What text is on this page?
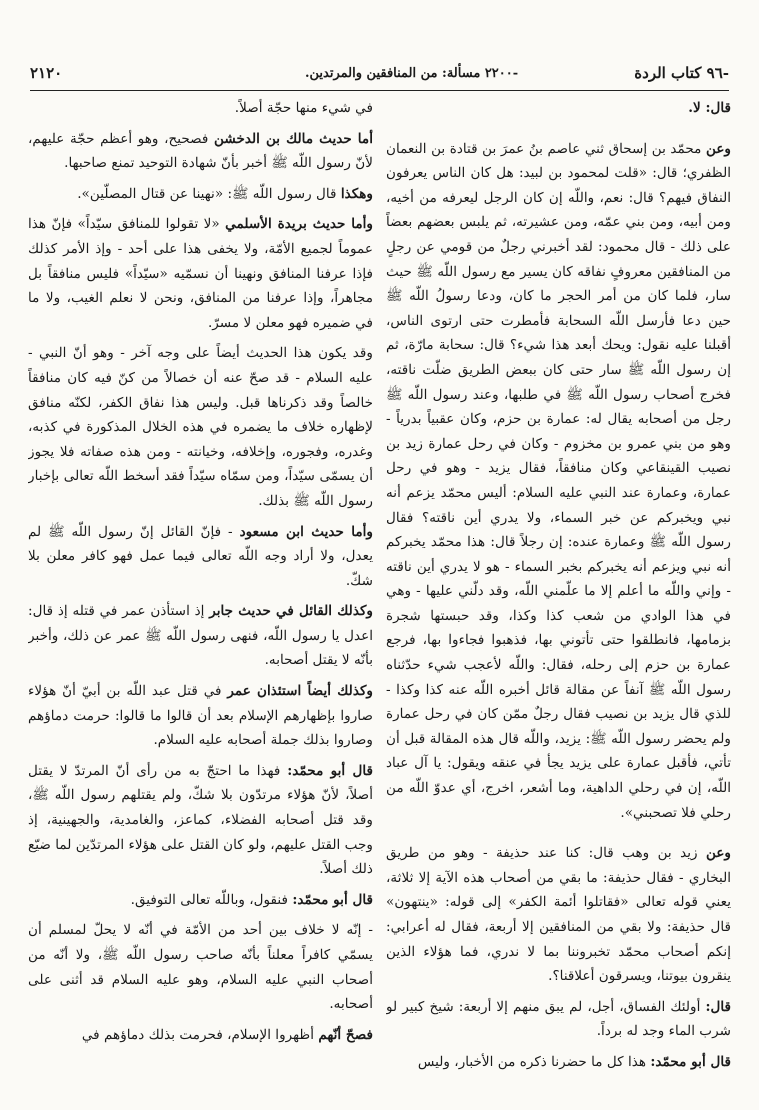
-٩٦ كتاب الردة
-٢٢٠٠ مسألة: من المنافقين والمرتدين.
٢١٢٠

قال: لا.

وعن محمّد بن إسحاق ثني عاصم بنُ عمرَ بن قتادة بن النعمان الظفري؛ قال: «قلت لمحمود بن لبيد: هل كان الناس يعرفون النفاق فيهم؟ قال: نعم، واللّه إن كان الرجل ليعرفه من أخيه، ومن أبيه، ومن بني عمّه، ومن عشيرته، ثم يلبس بعضهم بعضاً على ذلك - قال محمود: لقد أخبرني رجلٌ من قومي عن رجلٍ من المنافقين معروفٍ نفاقه كان يسير مع رسول اللّه ﷺ حيث سار، فلما كان من أمر الحجر ما كان، ودعا رسولُ اللّه ﷺ حين دعا فأرسل اللّه السحابة فأمطرت حتى ارتوى الناس، أقبلنا عليه نقول: ويحك أبعد هذا شيء؟ قال: سحابة مارّة، ثم إن رسول اللّه ﷺ سار حتى كان ببعض الطريق ضلّت ناقته، فخرج أصحاب رسول اللّه ﷺ في طلبها، وعند رسول اللّه ﷺ رجل من أصحابه يقال له: عمارة بن حزم، وكان عقبياً بدرياً - وهو من بني عمرو بن مخزوم - وكان في رحل عمارة زيد بن نصيب القينقاعي وكان منافقاً، فقال يزيد - وهو في رحل عمارة، وعمارة عند النبي عليه السلام: أليس محمّد يزعم أنه نبي ويخبركم عن خبر السماء، ولا يدري أين ناقته؟ فقال رسول اللّه ﷺ وعمارة عنده: إن رجلاً قال: هذا محمّد يخبركم أنه نبي ويزعم أنه يخبركم بخبر السماء - هو لا يدري أين ناقته - وإني واللّه ما أعلم إلا ما علّمني اللّه، وقد دلّني عليها - وهي في هذا الوادي من شعب كذا وكذا، وقد حبستها شجرة بزمامها، فانطلقوا حتى تأتوني بها، فذهبوا فجاءوا بها، فرجع عمارة بن حزم إلى رحله، فقال: واللّه لأعجب شيء حدّثناه رسول اللّه ﷺ آنفاً عن مقالة قائل أخبره اللّه عنه كذا وكذا - للذي قال يزيد بن نصيب فقال رجلٌ ممّن كان في رحل عمارة ولم يحضر رسول اللّه ﷺ: يزيد، واللّه قال هذه المقالة قبل أن تأتي، فأقبل عمارة على يزيد يجأ في عنقه ويقول: يا آل عباد اللّه، إن في رحلي الداهية، وما أشعر، اخرج، أي عدوّ اللّه من رحلي فلا تصحبني».

وعن زيد بن وهب قال: كنا عند حذيفة - وهو من طريق البخاري - فقال حذيفة: ما بقي من أصحاب هذه الآية إلا ثلاثة، يعني قوله تعالى «فقاتلوا أئمة الكفر» إلى قوله: «ينتهون» قال حذيفة: ولا بقي من المنافقين إلا أربعة، فقال له أعرابي: إنكم أصحاب محمّد تخبروننا بما لا ندري، فما هؤلاء الذين ينقرون بيوتنا، ويسرقون أعلاقنا؟.

قال: أولئك الفساق، أجل، لم يبق منهم إلا أربعة: شيخ كبير لو شرب الماء وجد له برداً.

قال أبو محمّد: هذا كل ما حضرنا ذكره من الأخبار، وليس

في شيء منها حجّة أصلاً.

أما حديث مالك بن الدخشن فصحيح، وهو أعظم حجّة عليهم، لأنّ رسول اللّه ﷺ أخبر بأنّ شهادة التوحيد تمنع صاحبها.

وهكذا قال رسول اللّه ﷺ: «نهينا عن قتال المصلّين».

وأما حديث بريدة الأسلمي «لا تقولوا للمنافق سيّداً» فإنّ هذا عموماً لجميع الأمّة، ولا يخفى هذا على أحد - وإذ الأمر كذلك فإذا عرفنا المنافق ونهينا أن نسمّيه «سيّداً» فليس منافقاً بل مجاهراً، وإذا عرفنا من المنافق، ونحن لا نعلم الغيب، ولا ما في ضميره فهو معلن لا مسرّ.

وقد يكون هذا الحديث أيضاً على وجه آخر - وهو أنّ النبي - عليه السلام - قد صحّ عنه أن خصالاً من كنّ فيه كان منافقاً خالصاً وقد ذكرناها قبل. وليس هذا نفاق الكفر، لكنّه منافق لإظهاره خلاف ما يضمره في هذه الخلال المذكورة في كذبه، وغدره، وفجوره، وإخلافه، وخيانته - ومن هذه صفاته فلا يجوز أن يسمّى سيّداً، ومن سمّاه سيّداً فقد أسخط اللّه تعالى بإخبار رسول اللّه ﷺ بذلك.

وأما حديث ابن مسعود - فإنّ القائل إنّ رسول اللّه ﷺ لم يعدل، ولا أراد وجه اللّه تعالى فيما عمل فهو كافر معلن بلا شكّ.

وكذلك القائل في حديث جابر إذ استأذن عمر في قتله إذ قال: اعدل يا رسول اللّه، فنهى رسول اللّه ﷺ عمر عن ذلك، وأخبر بأنّه لا يقتل أصحابه.

وكذلك أيضاً استئذان عمر في قتل عبد اللّه بن أبيّ أنّ هؤلاء صاروا بإظهارهم الإسلام بعد أن قالوا ما قالوا: حرمت دماؤهم وصاروا بذلك جملة أصحابه عليه السلام.

قال أبو محمّد: فهذا ما احتجّ به من رأى أنّ المرتدّ لا يقتل أصلاً، لأنّ هؤلاء مرتدّون بلا شكّ، ولم يقتلهم رسول اللّه ﷺ، وقد قتل أصحابه الفضلاء، كماعز، والغامدية، والجهينية، إذ وجب القتل عليهم، ولو كان القتل على هؤلاء المرتدّين لما ضيّع ذلك أصلاً.

قال أبو محمّد: فنقول، وباللّه تعالى التوفيق.

- إنّه لا خلاف بين أحد من الأمّة في أنّه لا يحلّ لمسلم أن يسمّي كافراً معلناً بأنّه صاحب رسول اللّه ﷺ، ولا أنّه من أصحاب النبي عليه السلام، وهو عليه السلام قد أثنى على أصحابه.

فصحّ أنّهم أظهروا الإسلام، فحرمت بذلك دماؤهم في
